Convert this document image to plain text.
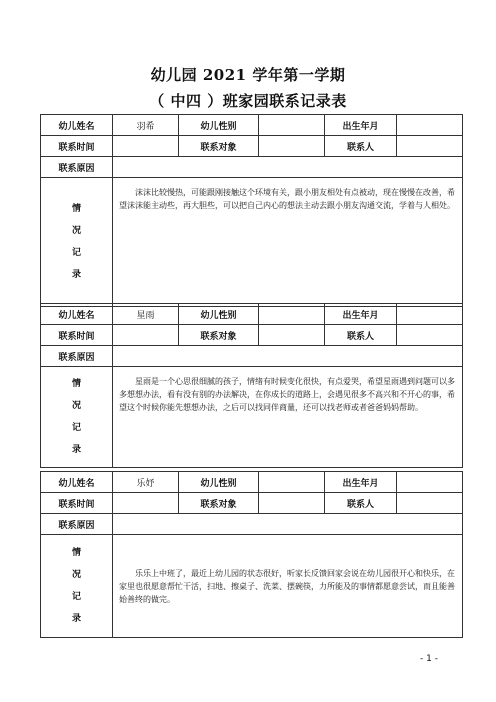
幼儿园 2021 学年第一学期
（ 中四 ）班家园联系记录表
幼儿姓名	羽希	幼儿性别		出生年月	
联系时间		联系对象		联系人	
联系原因					

情
况
记
录	沫沫比较慢热，可能跟刚接触这个环境有关，跟小朋友相处有点被动，现在慢慢在改善，希望沫沫能主动些，再大胆些，可以把自己内心的想法主动去跟小朋友沟通交流，学着与人相处。				
幼儿姓名	星雨	幼儿性别		出生年月	
联系时间		联系对象		联系人	
联系原因					

情
况
记
录	星雨是一个心思很细腻的孩子，情绪有时候变化很快，有点爱哭，希望星雨遇到问题可以多多想想办法，看有没有别的办法解决，在你成长的道路上，会遇见很多不高兴和不开心的事，希望这个时候你能先想想办法，之后可以找同伴商量，还可以找老师或者爸爸妈妈帮助。				
幼儿姓名	乐妤	幼儿性别		出生年月	
联系时间		联系对象		联系人	
联系原因					

情
况
记
录	乐乐上中班了，最近上幼儿园的状态很好，听家长反馈回家会说在幼儿园很开心和快乐，在家里也很愿意帮忙干活，扫地、擦桌子、洗菜、摆碗筷，力所能及的事情都愿意尝试，而且能善始善终的做完。				
- 1 -
